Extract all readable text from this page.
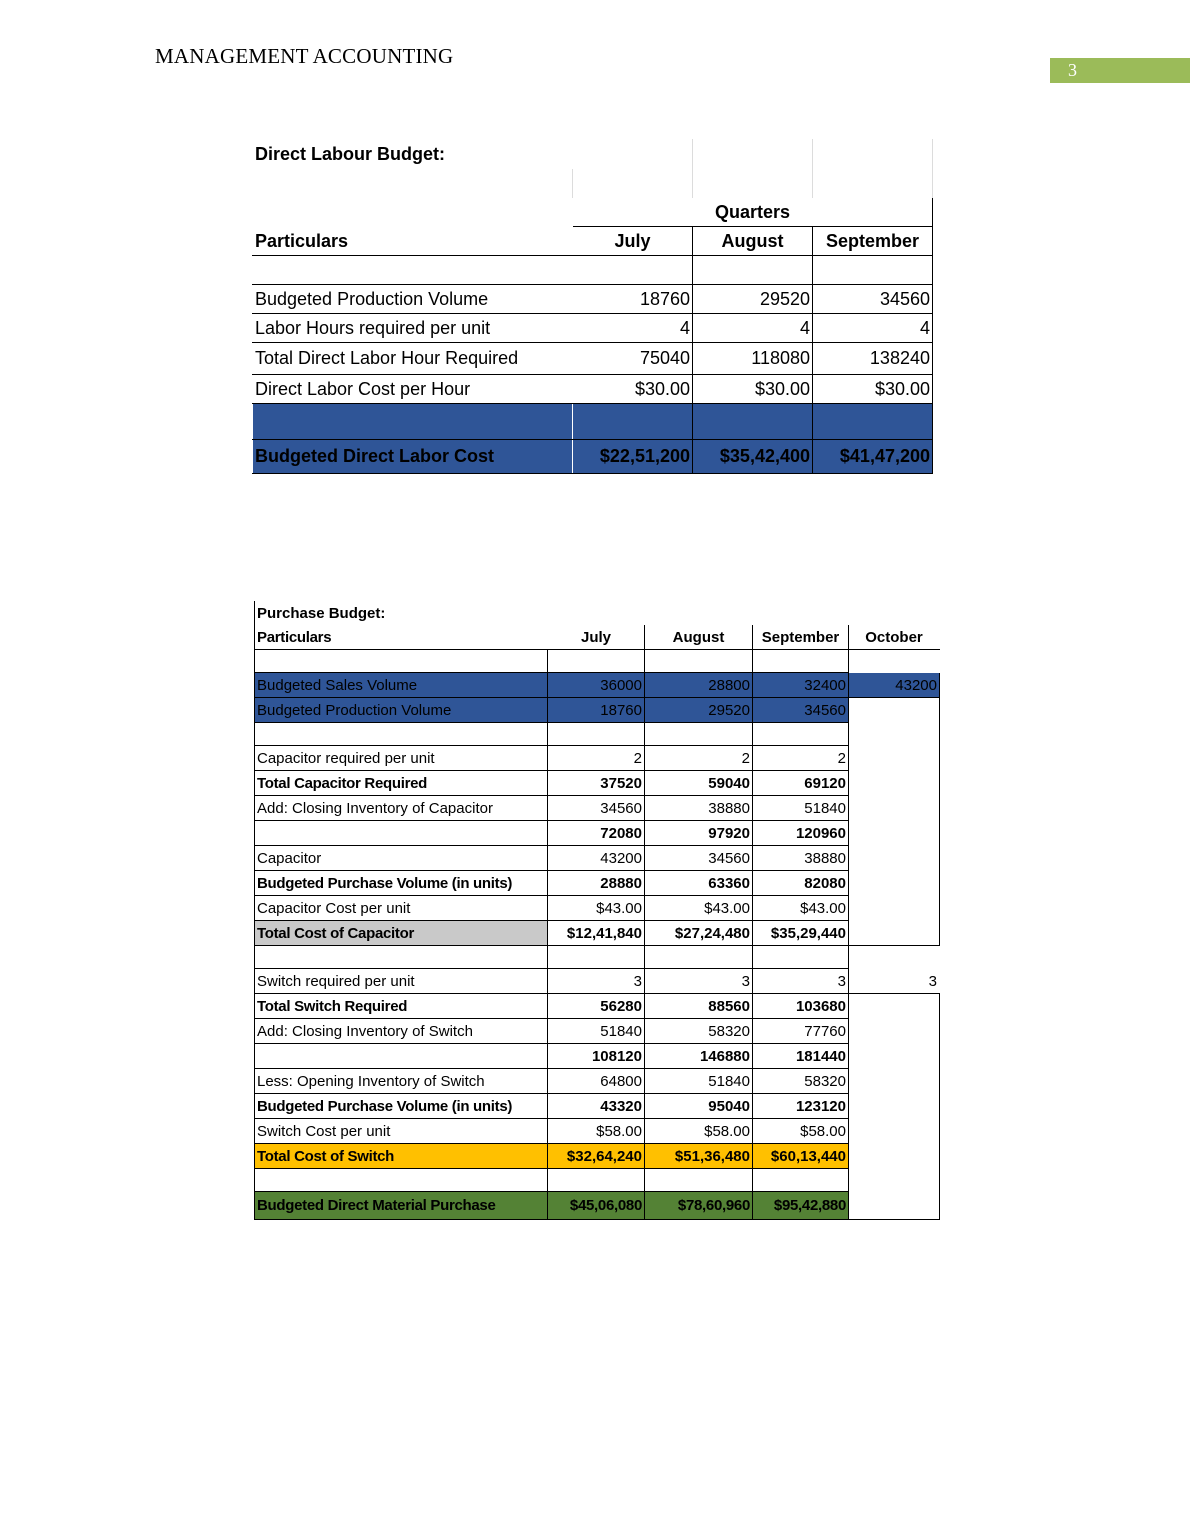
MANAGEMENT ACCOUNTING
3
Direct Labour Budget:			

	Quarters		
Particulars	July	August	September

Budgeted Production Volume	18760	29520	34560
Labor Hours required per unit	4	4	4
Total Direct Labor Hour Required	75040	118080	138240
Direct Labor Cost per Hour	$30.00	$30.00	$30.00

Budgeted Direct Labor Cost	$22,51,200	$35,42,400	$41,47,200
Purchase Budget:				
Particulars	July	August	September	October

Budgeted Sales Volume	36000	28800	32400	43200
Budgeted Production Volume	18760	29520	34560	

Capacitor required per unit	2	2	2	
Total Capacitor Required	37520	59040	69120	
Add: Closing Inventory of Capacitor	34560	38880	51840	
	72080	97920	120960	
Capacitor	43200	34560	38880	
Budgeted Purchase Volume (in units)	28880	63360	82080	
Capacitor Cost per unit	$43.00	$43.00	$43.00	
Total Cost of Capacitor	$12,41,840	$27,24,480	$35,29,440	

Switch required per unit	3	3	3	3
Total Switch Required	56280	88560	103680	
Add: Closing Inventory of Switch	51840	58320	77760	
	108120	146880	181440	
Less: Opening Inventory of Switch	64800	51840	58320	
Budgeted Purchase Volume (in units)	43320	95040	123120	
Switch Cost per unit	$58.00	$58.00	$58.00	
Total Cost of Switch	$32,64,240	$51,36,480	$60,13,440	

Budgeted Direct Material Purchase	$45,06,080	$78,60,960	$95,42,880	
